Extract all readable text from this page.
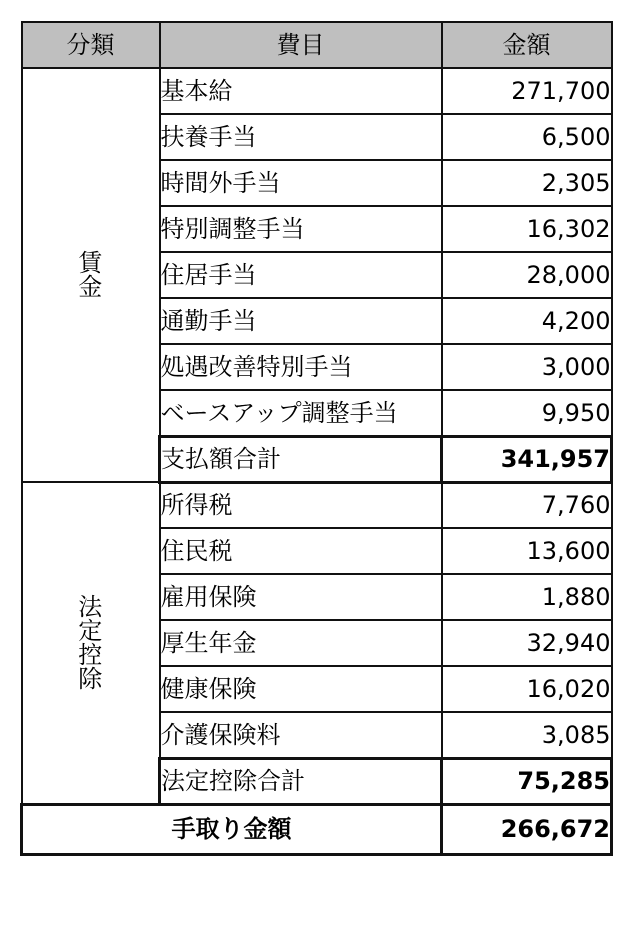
分類	費目	金額

賃
金	基本給	271,700
	扶養手当	6,500
	時間外手当	2,305
	特別調整手当	16,302
	住居手当	28,000
	通勤手当	4,200
	処遇改善特別手当	3,000
	ベースアップ調整手当	9,950
	支払額合計	341,957

法
定
控
除	所得税	7,760
	住民税	13,600
	雇用保険	1,880
	厚生年金	32,940
	健康保険	16,020
	介護保険料	3,085
	法定控除合計	75,285
手取り金額		266,672
